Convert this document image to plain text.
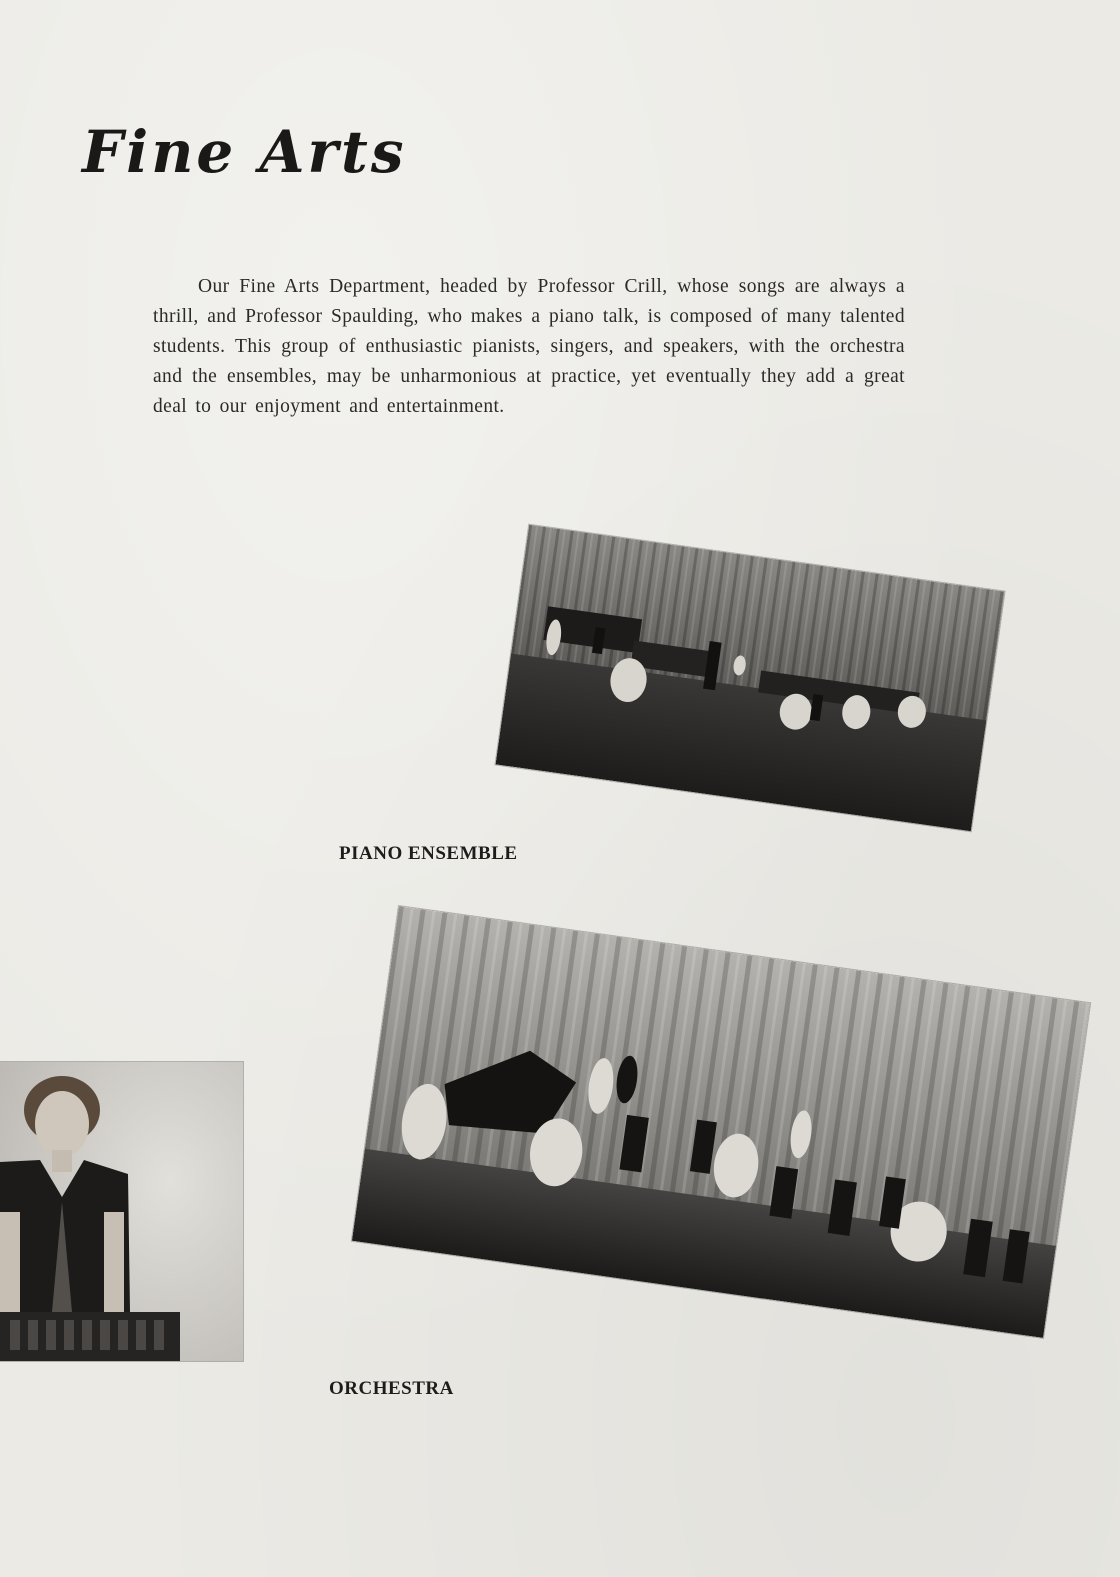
Fine Arts

Our Fine Arts Department, headed by Professor Crill, whose songs are always a thrill, and Professor Spaulding, who makes a piano talk, is composed of many talented students. This group of enthusiastic pianists, singers, and speakers, with the orchestra and the ensembles, may be unharmonious at practice, yet eventually they add a great deal to our enjoyment and entertainment.

PIANO ENSEMBLE

ORCHESTRA
